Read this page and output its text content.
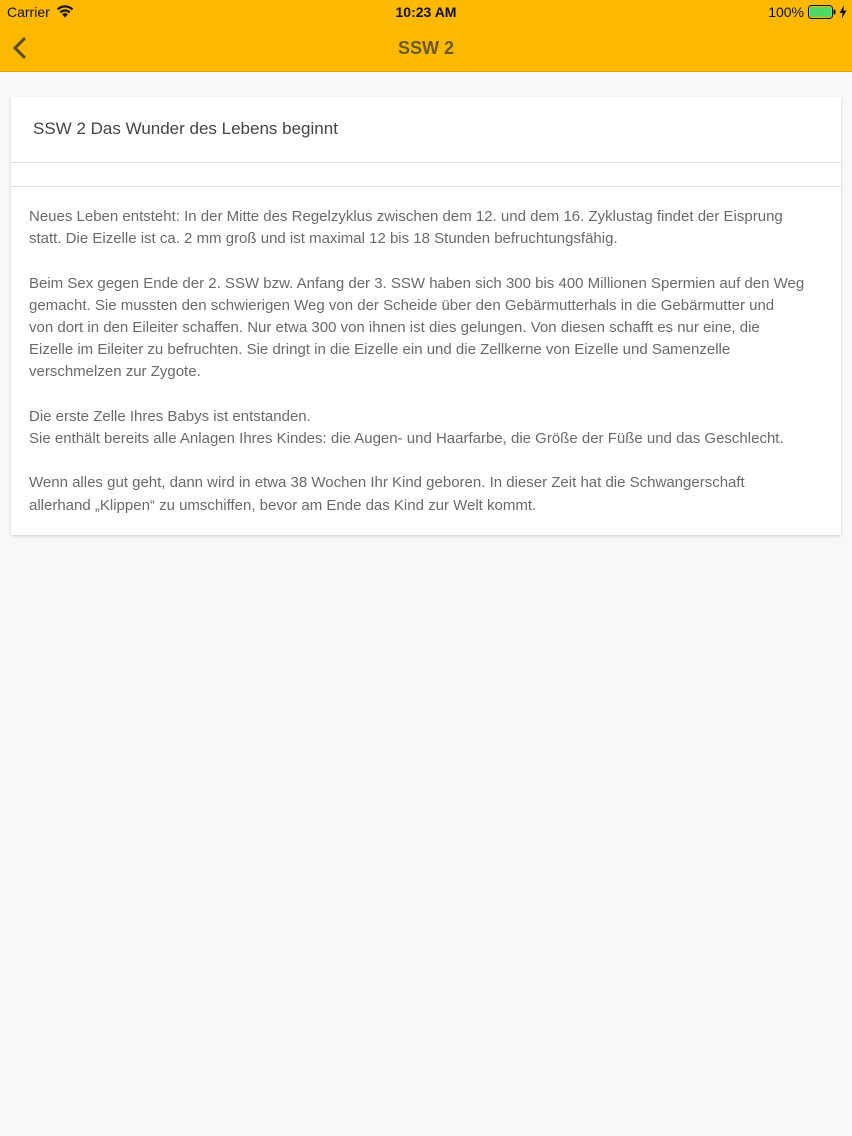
Carrier	10:23 AM	100%
SSW 2
SSW 2 Das Wunder des Lebens beginnt

Neues Leben entsteht: In der Mitte des Regelzyklus zwischen dem 12. und dem 16. Zyklustag findet der Eisprung
statt. Die Eizelle ist ca. 2 mm groß und ist maximal 12 bis 18 Stunden befruchtungsfähig.

Beim Sex gegen Ende der 2. SSW bzw. Anfang der 3. SSW haben sich 300 bis 400 Millionen Spermien auf den Weg
gemacht. Sie mussten den schwierigen Weg von der Scheide über den Gebärmutterhals in die Gebärmutter und
von dort in den Eileiter schaffen. Nur etwa 300 von ihnen ist dies gelungen. Von diesen schafft es nur eine, die
Eizelle im Eileiter zu befruchten. Sie dringt in die Eizelle ein und die Zellkerne von Eizelle und Samenzelle
verschmelzen zur Zygote.

Die erste Zelle Ihres Babys ist entstanden.
Sie enthält bereits alle Anlagen Ihres Kindes: die Augen- und Haarfarbe, die Größe der Füße und das Geschlecht.

Wenn alles gut geht, dann wird in etwa 38 Wochen Ihr Kind geboren. In dieser Zeit hat die Schwangerschaft
allerhand „Klippen“ zu umschiffen, bevor am Ende das Kind zur Welt kommt.
